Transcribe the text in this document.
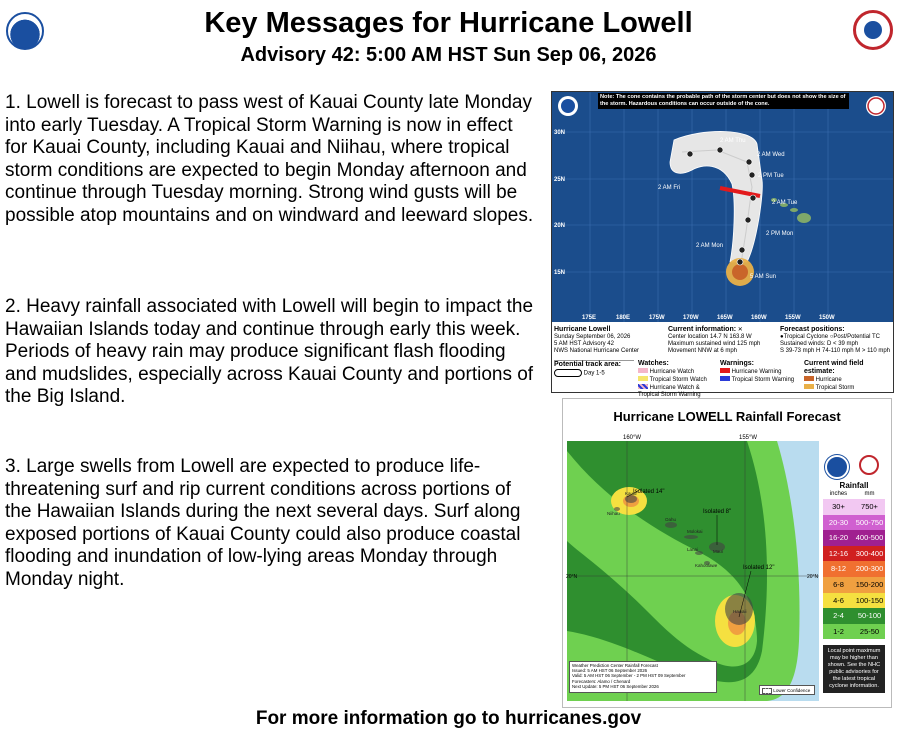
Key Messages for Hurricane Lowell
Advisory 42: 5:00 AM HST Sun Sep 06, 2026
1. Lowell is forecast to pass west of Kauai County late Monday into early Tuesday. A Tropical Storm Warning is now in effect for Kauai County, including Kauai and Niihau, where tropical storm conditions are expected to begin Monday afternoon and continue through Tuesday morning. Strong wind gusts will be possible atop mountains and on windward and leeward slopes.
2. Heavy rainfall associated with Lowell will begin to impact the Hawaiian Islands today and continue through early this week. Periods of heavy rain may produce significant flash flooding and mudslides, especially across Kauai County and portions of the Big Island.
3. Large swells from Lowell are expected to produce life-threatening surf and rip current conditions across portions of the Hawaiian Islands during the next several days. Surf along exposed portions of Kauai County could also produce coastal flooding and inundation of low-lying areas Monday through Monday night.
30N
25N
20N
15N
175E	180E	175W	170W	165W	160W	155W	150W
2 AM Thu
2 AM Wed
2 PM Tue
2 AM Fri
2 AM Tue
2 PM Mon
2 AM Mon
5 AM Sun
Note: The cone contains the probable path of the storm center but does not show the size of the storm. Hazardous conditions can occur outside of the cone.
Hurricane Lowell
Sunday September 06, 2026
5 AM HST Advisory 42
NWS National Hurricane Center
Current information: ✕
Center location 14.7 N 163.8 W
Maximum sustained wind 125 mph
Movement NNW at 6 mph
Forecast positions:
●Tropical Cyclone ○Post/Potential TC
Sustained winds: D < 39 mph
S 39-73 mph H 74-110 mph M > 110 mph
Potential track area:
Day 1-5
Watches:
Hurricane Watch
Tropical Storm Watch
Hurricane Watch & Tropical Storm Warning
Warnings:
Hurricane Warning
Tropical Storm Warning
Current wind field estimate:
Hurricane
Tropical Storm
Hurricane LOWELL Rainfall Forecast
160°W	155°W
20°N	20°N
Isolated 14"
Isolated 8"
Isolated 12"
Kauai
Niihau
Oahu
Molokai
Lanai	Maui
Kahoolawe
Hawaii
Rainfall
inches	mm
30+	750+
20-30	500-750
16-20	400-500
12-16	300-400
8-12	200-300
6-8	150-200
4-6	100-150
2-4	50-100
1-2	25-50
Local point maximum may be higher than shown. See the NHC public advisories for the latest tropical cyclone information.
Weather Prediction Center Rainfall Forecast
Issued: 5 AM HST 06 September 2026
Valid: 5 AM HST 06 September - 2 PM HST 09 September
Forecasters: Alamo / Chenard
Next Update: 5 PM HST 06 September 2026
Lower Confidence
For more information go to hurricanes.gov
